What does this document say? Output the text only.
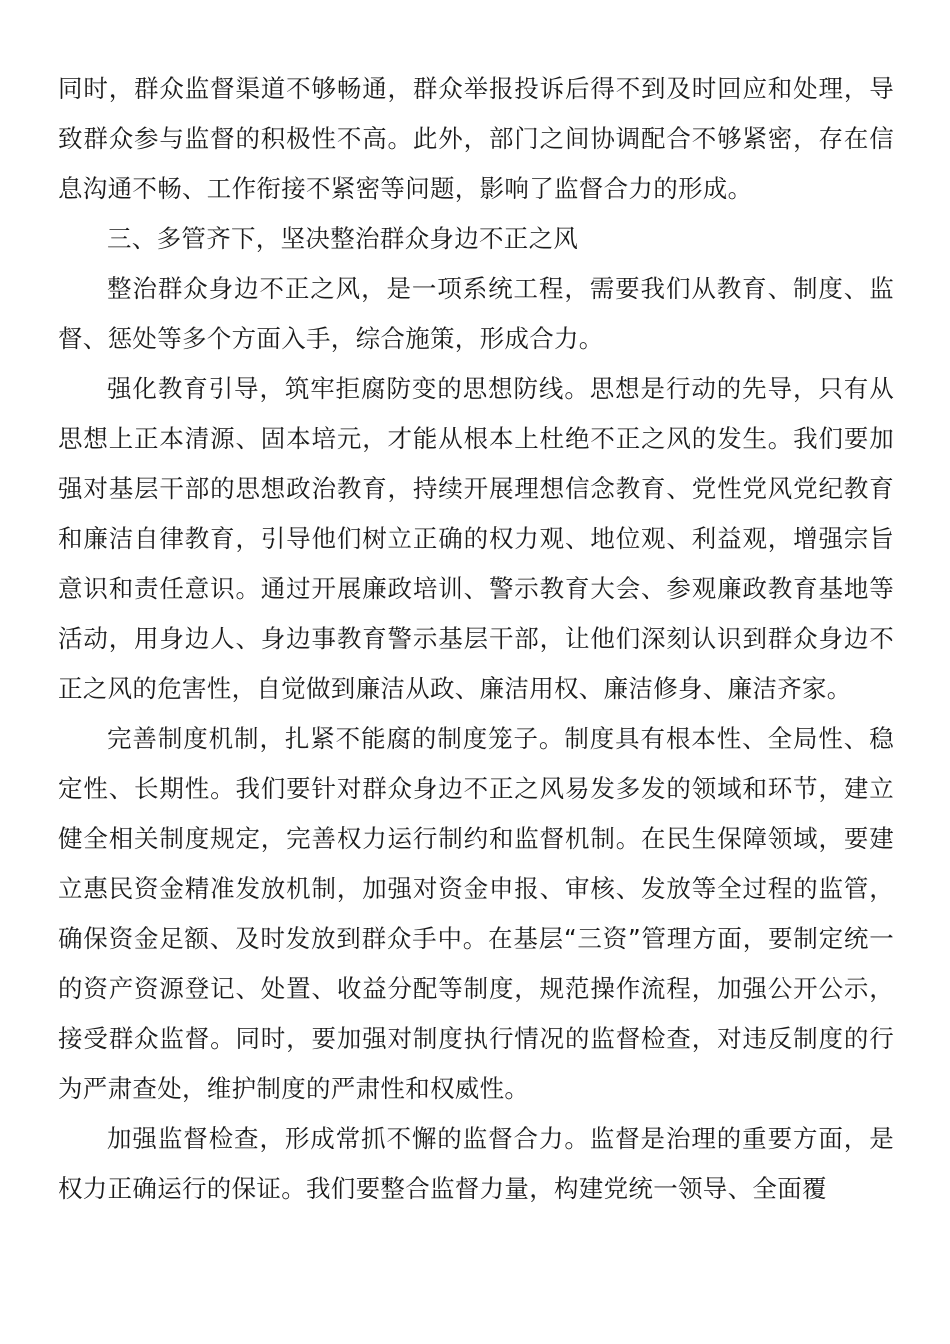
同时，群众监督渠道不够畅通，群众举报投诉后得不到及时回应和处理，导致群众参与监督的积极性不高。此外，部门之间协调配合不够紧密，存在信息沟通不畅、工作衔接不紧密等问题，影响了监督合力的形成。

三、多管齐下，坚决整治群众身边不正之风

整治群众身边不正之风，是一项系统工程，需要我们从教育、制度、监督、惩处等多个方面入手，综合施策，形成合力。

强化教育引导，筑牢拒腐防变的思想防线。思想是行动的先导，只有从思想上正本清源、固本培元，才能从根本上杜绝不正之风的发生。我们要加强对基层干部的思想政治教育，持续开展理想信念教育、党性党风党纪教育和廉洁自律教育，引导他们树立正确的权力观、地位观、利益观，增强宗旨意识和责任意识。通过开展廉政培训、警示教育大会、参观廉政教育基地等活动，用身边人、身边事教育警示基层干部，让他们深刻认识到群众身边不正之风的危害性，自觉做到廉洁从政、廉洁用权、廉洁修身、廉洁齐家。

完善制度机制，扎紧不能腐的制度笼子。制度具有根本性、全局性、稳定性、长期性。我们要针对群众身边不正之风易发多发的领域和环节，建立健全相关制度规定，完善权力运行制约和监督机制。在民生保障领域，要建立惠民资金精准发放机制，加强对资金申报、审核、发放等全过程的监管，确保资金足额、及时发放到群众手中。在基层“三资”管理方面，要制定统一的资产资源登记、处置、收益分配等制度，规范操作流程，加强公开公示，接受群众监督。同时，要加强对制度执行情况的监督检查，对违反制度的行为严肃查处，维护制度的严肃性和权威性。

加强监督检查，形成常抓不懈的监督合力。监督是治理的重要方面，是权力正确运行的保证。我们要整合监督力量，构建党统一领导、全面覆
